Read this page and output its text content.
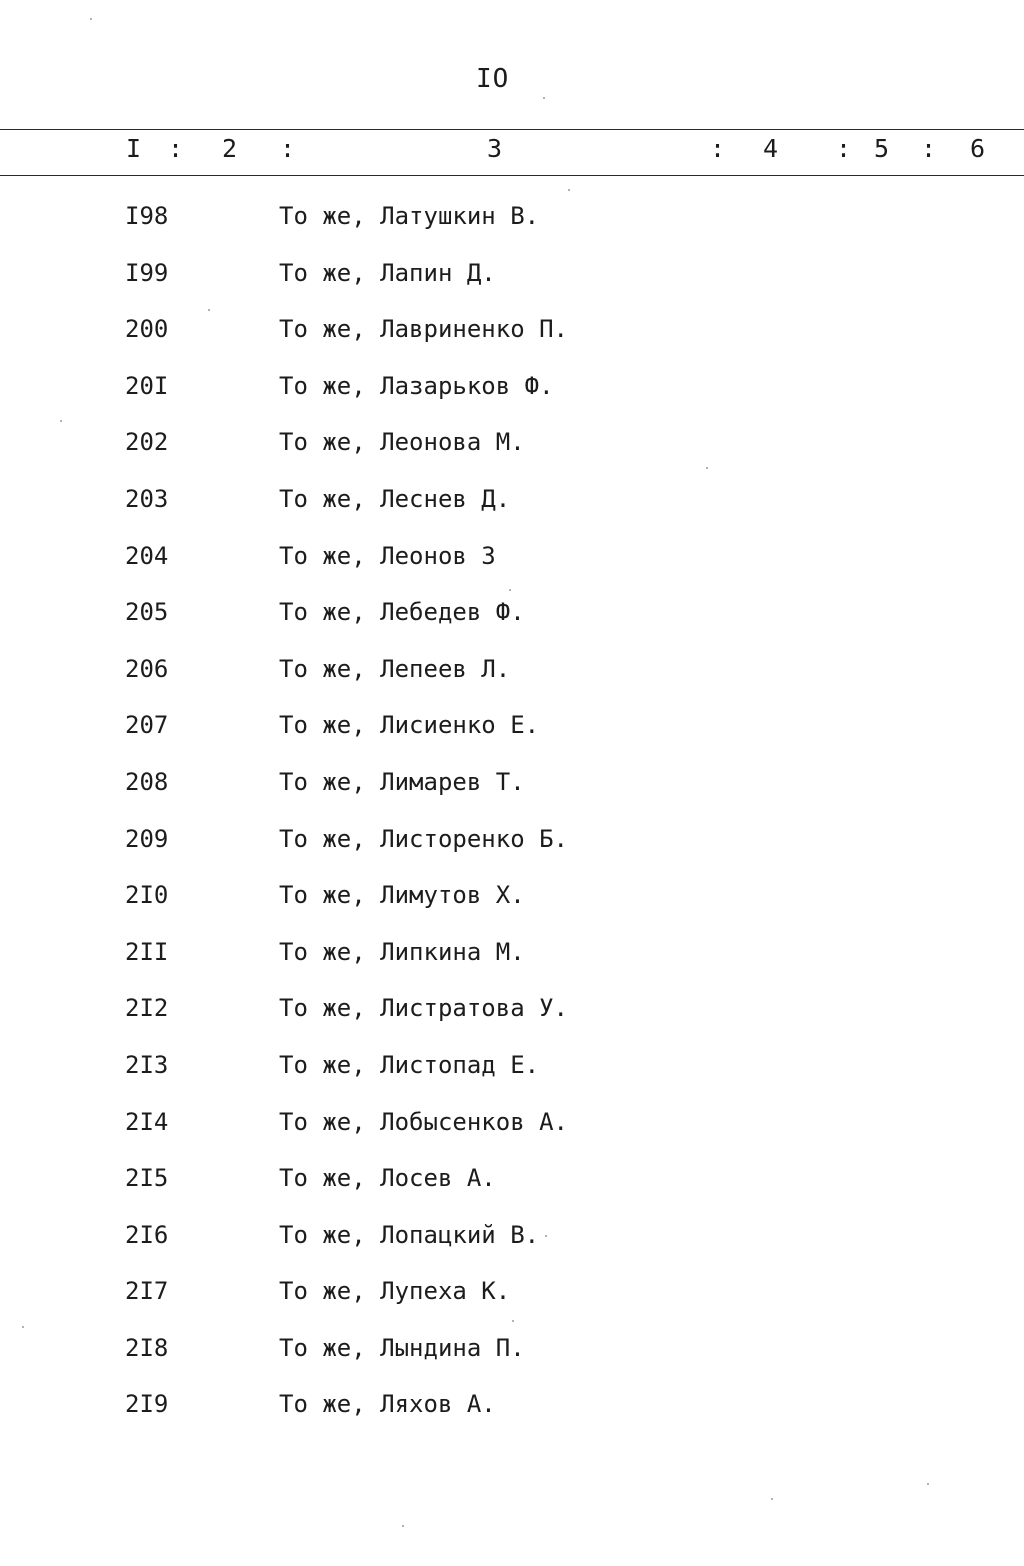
IO
I : 2 :	3	: 4 : 5 : 6
I98	То же, Латушкин В.
I99	То же, Лапин Д.
200	То же, Лавриненко П.
20I	То же, Лазарьков Ф.
202	То же, Леонова М.
203	То же, Леснев Д.
204	То же, Леонов З
205	То же, Лебедев Ф.
206	То же, Лепеев Л.
207	То же, Лисиенко Е.
208	То же, Лимарев Т.
209	То же, Листоренко Б.
2I0	То же, Лимутов Х.
2II	То же, Липкина М.
2I2	То же, Листратова У.
2I3	То же, Листопад Е.
2I4	То же, Лобысенков А.
2I5	То же, Лосев А.
2I6	То же, Лопацкий В.
2I7	То же, Лупеха К.
2I8	То же, Лындина П.
2I9	То же, Ляхов А.
